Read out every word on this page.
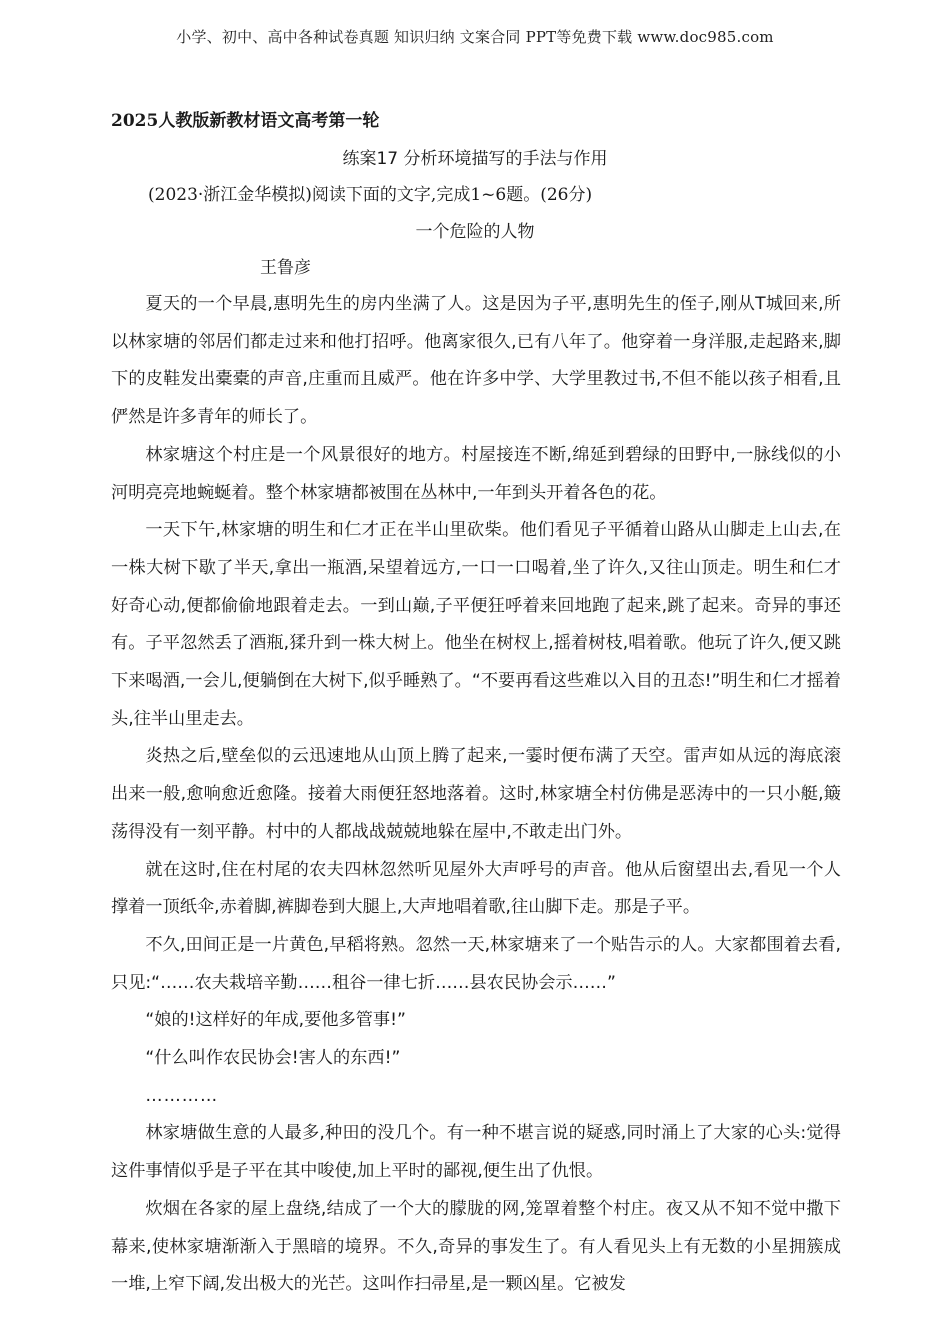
小学、初中、高中各种试卷真题 知识归纳 文案合同 PPT等免费下载 www.doc985.com
2025人教版新教材语文高考第一轮
练案17 分析环境描写的手法与作用
(2023·浙江金华模拟)阅读下面的文字,完成1~6题。(26分)
一个危险的人物
王鲁彦

夏天的一个早晨,惠明先生的房内坐满了人。这是因为子平,惠明先生的侄子,刚从T城回来,所以林家塘的邻居们都走过来和他打招呼。他离家很久,已有八年了。他穿着一身洋服,走起路来,脚下的皮鞋发出橐橐的声音,庄重而且威严。他在许多中学、大学里教过书,不但不能以孩子相看,且俨然是许多青年的师长了。

林家塘这个村庄是一个风景很好的地方。村屋接连不断,绵延到碧绿的田野中,一脉线似的小河明亮亮地蜿蜒着。整个林家塘都被围在丛林中,一年到头开着各色的花。

一天下午,林家塘的明生和仁才正在半山里砍柴。他们看见子平循着山路从山脚走上山去,在一株大树下歇了半天,拿出一瓶酒,呆望着远方,一口一口喝着,坐了许久,又往山顶走。明生和仁才好奇心动,便都偷偷地跟着走去。一到山巅,子平便狂呼着来回地跑了起来,跳了起来。奇异的事还有。子平忽然丢了酒瓶,猱升到一株大树上。他坐在树杈上,摇着树枝,唱着歌。他玩了许久,便又跳下来喝酒,一会儿,便躺倒在大树下,似乎睡熟了。“不要再看这些难以入目的丑态!”明生和仁才摇着头,往半山里走去。

炎热之后,壁垒似的云迅速地从山顶上腾了起来,一霎时便布满了天空。雷声如从远的海底滚出来一般,愈响愈近愈隆。接着大雨便狂怒地落着。这时,林家塘全村仿佛是恶涛中的一只小艇,簸荡得没有一刻平静。村中的人都战战兢兢地躲在屋中,不敢走出门外。

就在这时,住在村尾的农夫四林忽然听见屋外大声呼号的声音。他从后窗望出去,看见一个人撑着一顶纸伞,赤着脚,裤脚卷到大腿上,大声地唱着歌,往山脚下走。那是子平。

不久,田间正是一片黄色,早稻将熟。忽然一天,林家塘来了一个贴告示的人。大家都围着去看,只见:“……农夫栽培辛勤……租谷一律七折……县农民协会示……”

“娘的!这样好的年成,要他多管事!”

“什么叫作农民协会!害人的东西!”

…………

林家塘做生意的人最多,种田的没几个。有一种不堪言说的疑惑,同时涌上了大家的心头:觉得这件事情似乎是子平在其中唆使,加上平时的鄙视,便生出了仇恨。

炊烟在各家的屋上盘绕,结成了一个大的朦胧的网,笼罩着整个村庄。夜又从不知不觉中撒下幕来,使林家塘渐渐入于黑暗的境界。不久,奇异的事发生了。有人看见头上有无数的小星拥簇成一堆,上窄下阔,发出极大的光芒。这叫作扫帚星,是一颗凶星。它被发
